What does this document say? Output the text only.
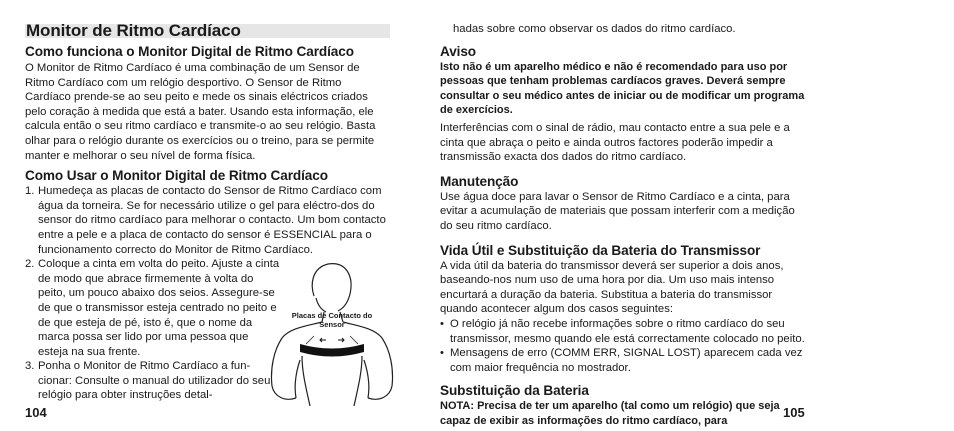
Monitor de Ritmo Cardíaco
Como funciona o Monitor Digital de Ritmo Cardíaco

O Monitor de Ritmo Cardíaco é uma combinação de um Sensor de Ritmo Cardíaco com um relógio desportivo. O Sensor de Ritmo Cardíaco prende-se ao seu peito e mede os sinais eléctricos criados pelo coração à medida que está a bater. Usando esta informação, ele calcula então o seu ritmo cardíaco e transmite-o ao seu relógio. Basta olhar para o relógio durante os exercícios ou o treino, para se permite manter e melhorar o seu nível de forma física.

Como Usar o Monitor Digital de Ritmo Cardíaco
1. Humedeça as placas de contacto do Sensor de Ritmo Cardíaco com água da torneira. Se for necessário utilize o gel para eléctro-dos do sensor do ritmo cardíaco para melhorar o contacto. Um bom contacto entre a pele e a placa de contacto do sensor é ESSENCIAL para o funcionamento correcto do Monitor de Ritmo Cardíaco.
2. Coloque a cinta em volta do peito. Ajuste a cinta de modo que abrace firmemente à volta do peito, um pouco abaixo dos seios. Assegure-se de que o transmissor esteja centrado no peito e de que esteja de pé, isto é, que o nome da marca possa ser lido por uma pessoa que esteja na sua frente.
3. Ponha o Monitor de Ritmo Cardíaco a fun-cionar: Consulte o manual do utilizador do seu relógio para obter instruções detal-
Placas de Contacto do Sensor
104

hadas sobre como observar os dados do ritmo cardíaco.

Aviso

Isto não é um aparelho médico e não é recomendado para uso por pessoas que tenham problemas cardíacos graves. Deverá sempre consultar o seu médico antes de iniciar ou de modificar um programa de exercícios.

Interferências com o sinal de rádio, mau contacto entre a sua pele e a cinta que abraça o peito e ainda outros factores poderão impedir a transmissão exacta dos dados do ritmo cardíaco.

Manutenção

Use água doce para lavar o Sensor de Ritmo Cardíaco e a cinta, para evitar a acumulação de materiais que possam interferir com a medição do seu ritmo cardíaco.

Vida Útil e Substituição da Bateria do Transmissor

A vida útil da bateria do transmissor deverá ser superior a dois anos, baseando-nos num uso de uma hora por dia. Um uso mais intenso encurtará a duração da bateria. Substitua a bateria do transmissor quando acontecer algum dos casos seguintes:

• O relógio já não recebe informações sobre o ritmo cardíaco do seu transmissor, mesmo quando ele está correctamente colocado no peito.
• Mensagens de erro (COMM ERR, SIGNAL LOST) aparecem cada vez com maior frequência no mostrador.
Substituição da Bateria

NOTA: Precisa de ter um aparelho (tal como um relógio) que seja capaz de exibir as informações do ritmo cardíaco, para

105
